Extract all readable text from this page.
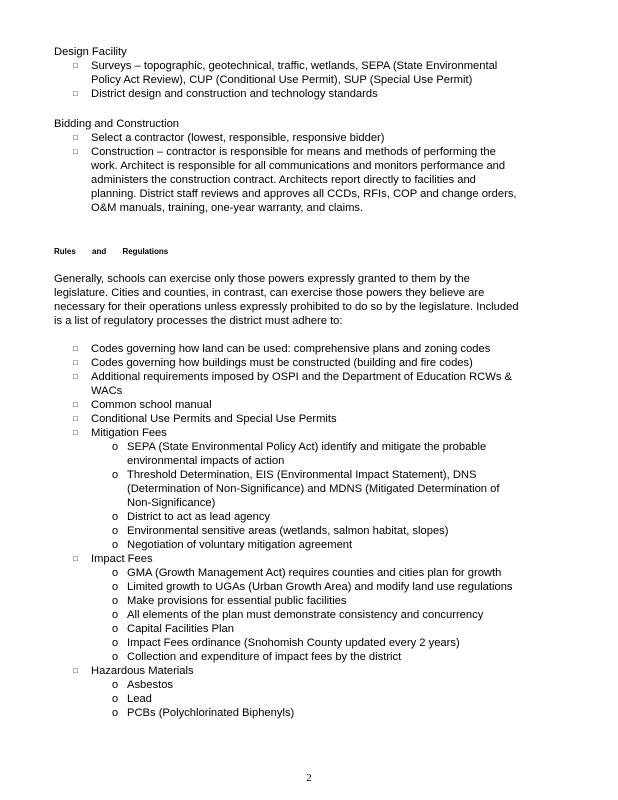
Design Facility
□ Surveys – topographic, geotechnical, traffic, wetlands, SEPA (State Environmental
Policy Act Review), CUP (Conditional Use Permit), SUP (Special Use Permit)
□ District design and construction and technology standards
Bidding and Construction
□ Select a contractor (lowest, responsible, responsive bidder)
□ Construction – contractor is responsible for means and methods of performing the
work. Architect is responsible for all communications and monitors performance and
administers the construction contract. Architects report directly to facilities and
planning. District staff reviews and approves all CCDs, RFIs, COP and change orders,
O&M manuals, training, one-year warranty, and claims.
Rules and Regulations
Generally, schools can exercise only those powers expressly granted to them by the
legislature. Cities and counties, in contrast, can exercise those powers they believe are
necessary for their operations unless expressly prohibited to do so by the legislature. Included
is a list of regulatory processes the district must adhere to:
□ Codes governing how land can be used: comprehensive plans and zoning codes
□ Codes governing how buildings must be constructed (building and fire codes)
□ Additional requirements imposed by OSPI and the Department of Education RCWs &
WACs
□ Common school manual
□ Conditional Use Permits and Special Use Permits
□ Mitigation Fees
o SEPA (State Environmental Policy Act) identify and mitigate the probable
environmental impacts of action
o Threshold Determination, EIS (Environmental Impact Statement), DNS
(Determination of Non-Significance) and MDNS (Mitigated Determination of
Non-Significance)
o District to act as lead agency
o Environmental sensitive areas (wetlands, salmon habitat, slopes)
o Negotiation of voluntary mitigation agreement
□ Impact Fees
o GMA (Growth Management Act) requires counties and cities plan for growth
o Limited growth to UGAs (Urban Growth Area) and modify land use regulations
o Make provisions for essential public facilities
o All elements of the plan must demonstrate consistency and concurrency
o Capital Facilities Plan
o Impact Fees ordinance (Snohomish County updated every 2 years)
o Collection and expenditure of impact fees by the district
□ Hazardous Materials
o Asbestos
o Lead
o PCBs (Polychlorinated Biphenyls)
2
